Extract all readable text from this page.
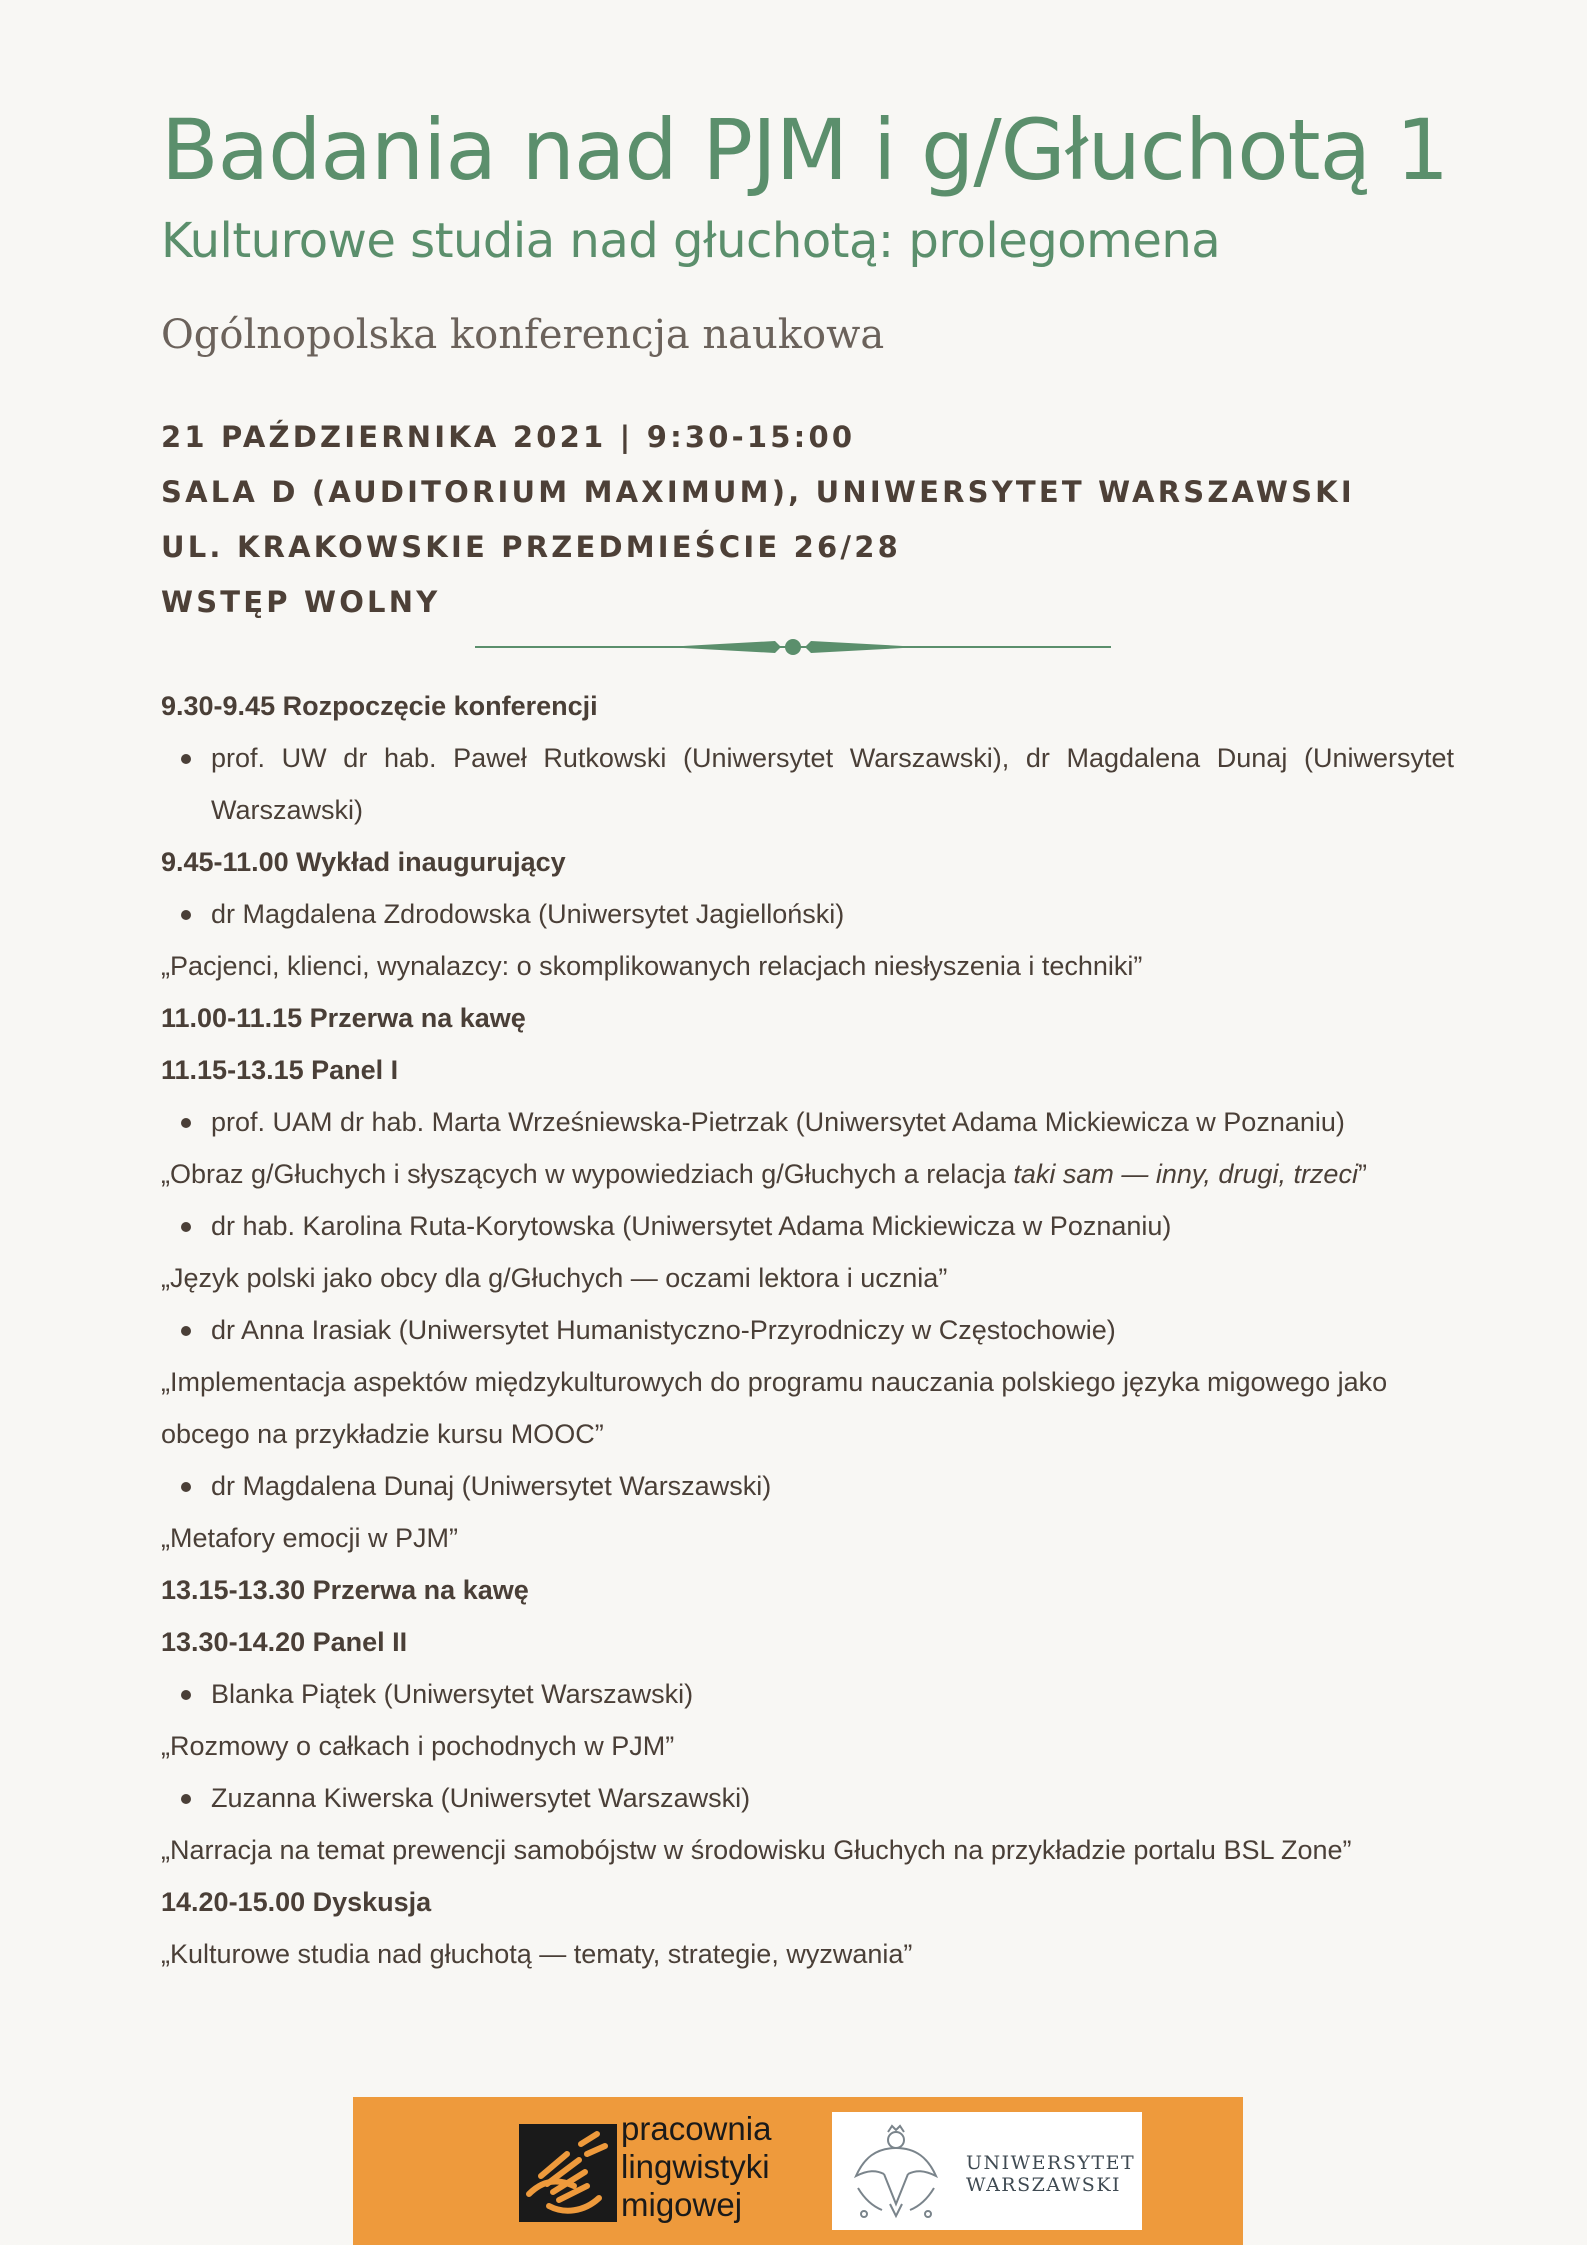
Badania nad PJM i g/Głuchotą 1
Kulturowe studia nad głuchotą: prolegomena
Ogólnopolska konferencja naukowa
21 PAŹDZIERNIKA 2021 | 9:30-15:00
SALA D (AUDITORIUM MAXIMUM), UNIWERSYTET WARSZAWSKI
UL. KRAKOWSKIE PRZEDMIEŚCIE 26/28
WSTĘP WOLNY
9.30-9.45 Rozpoczęcie konferencji
prof. UW dr hab. Paweł Rutkowski (Uniwersytet Warszawski), dr Magdalena Dunaj (Uniwersytet Warszawski)
9.45-11.00 Wykład inaugurujący
dr Magdalena Zdrodowska (Uniwersytet Jagielloński)
„Pacjenci, klienci, wynalazcy: o skomplikowanych relacjach niesłyszenia i techniki”
11.00-11.15 Przerwa na kawę
11.15-13.15 Panel I
prof. UAM dr hab. Marta Wrześniewska-Pietrzak (Uniwersytet Adama Mickiewicza w Poznaniu)
„Obraz g/Głuchych i słyszących w wypowiedziach g/Głuchych a relacja taki sam — inny, drugi, trzeci”
dr hab. Karolina Ruta-Korytowska (Uniwersytet Adama Mickiewicza w Poznaniu)
„Język polski jako obcy dla g/Głuchych — oczami lektora i ucznia”
dr Anna Irasiak (Uniwersytet Humanistyczno-Przyrodniczy w Częstochowie)
„Implementacja aspektów międzykulturowych do programu nauczania polskiego języka migowego jako obcego na przykładzie kursu MOOC”
dr Magdalena Dunaj (Uniwersytet Warszawski)
„Metafory emocji w PJM”
13.15-13.30 Przerwa na kawę
13.30-14.20 Panel II
Blanka Piątek (Uniwersytet Warszawski)
„Rozmowy o całkach i pochodnych w PJM”
Zuzanna Kiwerska (Uniwersytet Warszawski)
„Narracja na temat prewencji samobójstw w środowisku Głuchych na przykładzie portalu BSL Zone”
14.20-15.00 Dyskusja
„Kulturowe studia nad głuchotą — tematy, strategie, wyzwania”
pracownia
lingwistyki
migowej
UNIWERSYTET
WARSZAWSKI
